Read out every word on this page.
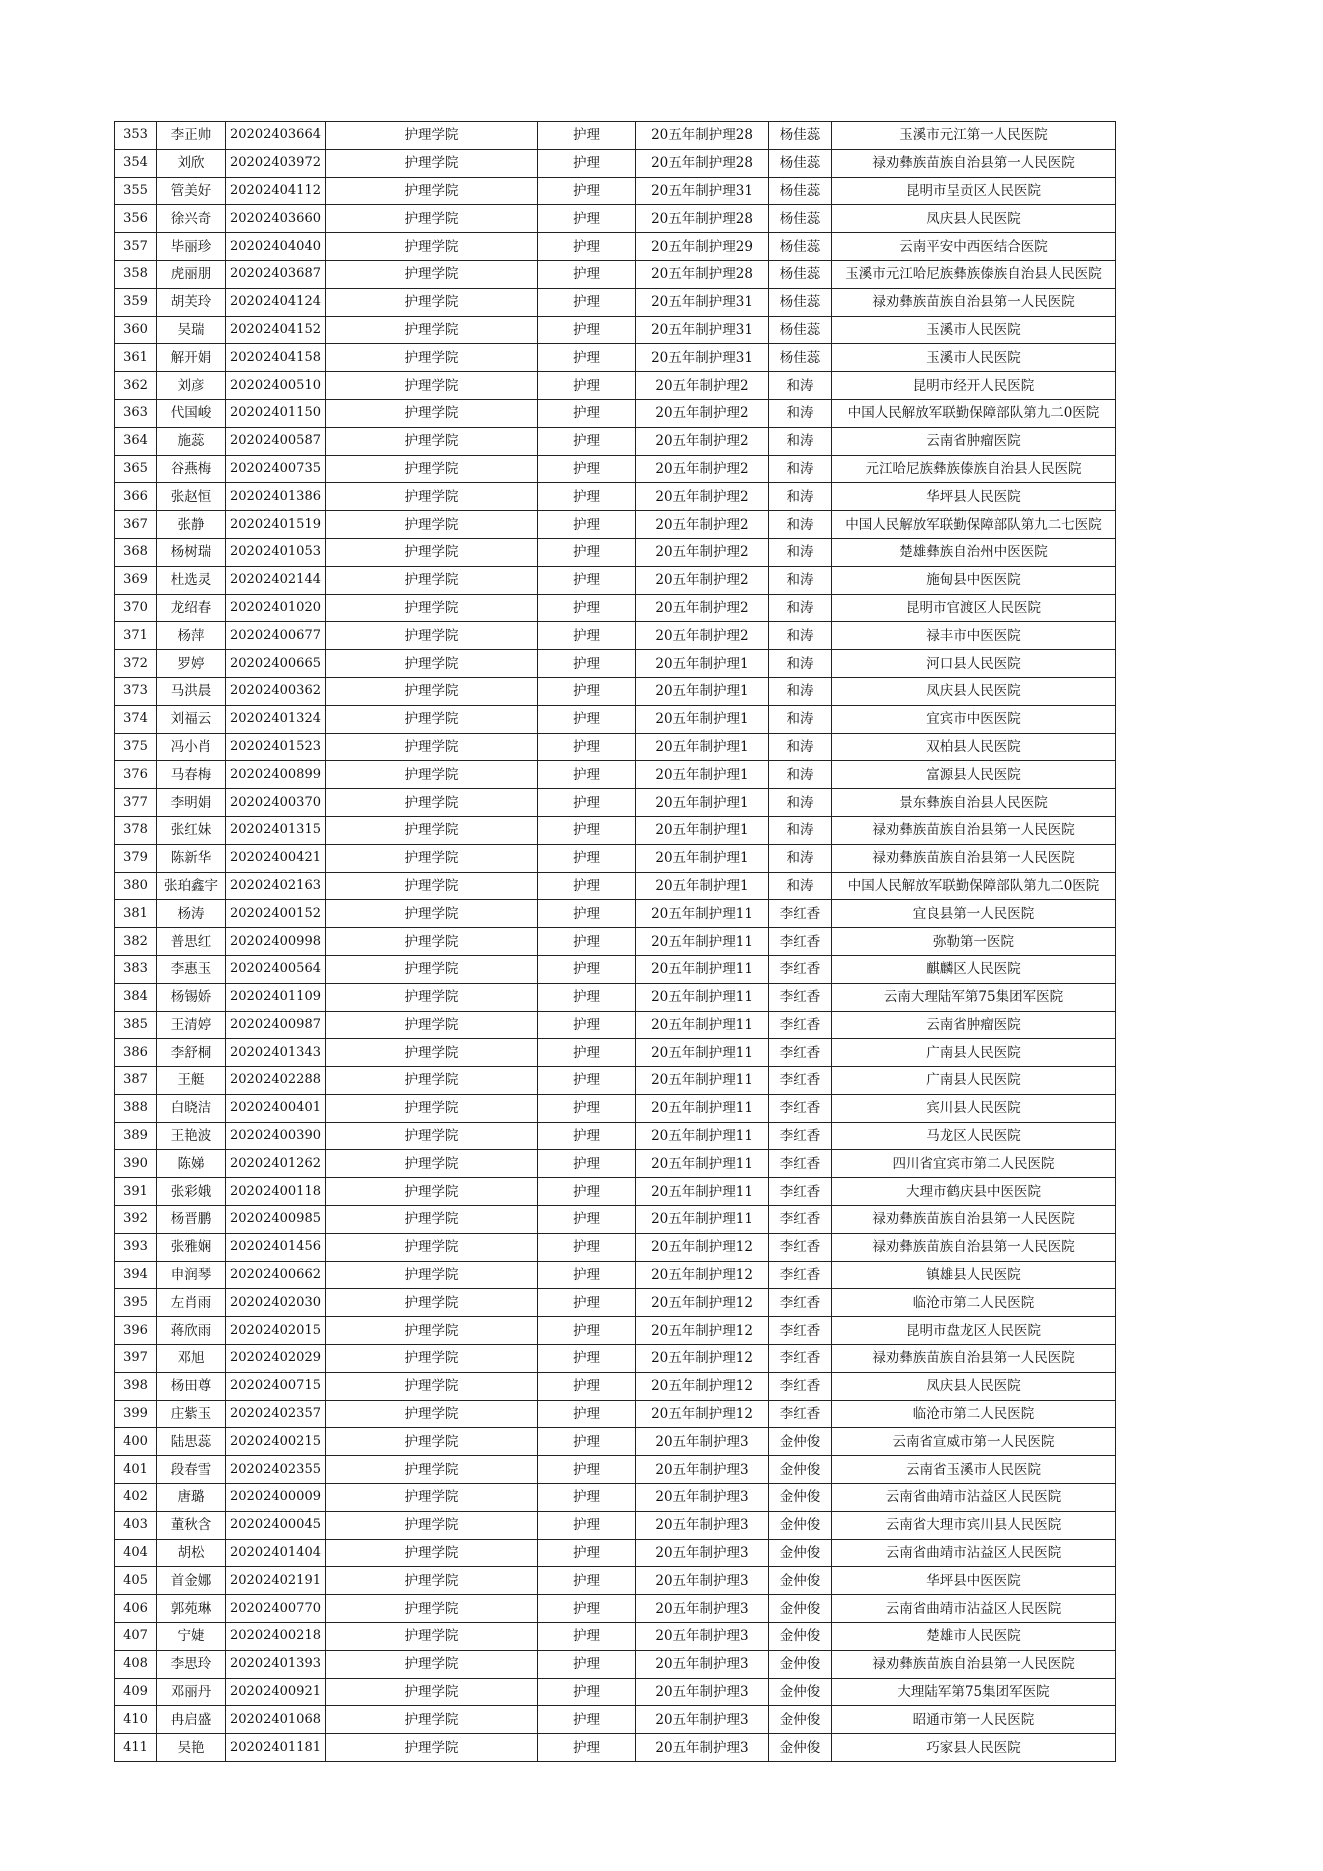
353	李正帅	20202403664	护理学院	护理	20五年制护理28	杨佳蕊	玉溪市元江第一人民医院
354	刘欣	20202403972	护理学院	护理	20五年制护理28	杨佳蕊	禄劝彝族苗族自治县第一人民医院
355	管美好	20202404112	护理学院	护理	20五年制护理31	杨佳蕊	昆明市呈贡区人民医院
356	徐兴奇	20202403660	护理学院	护理	20五年制护理28	杨佳蕊	凤庆县人民医院
357	毕丽珍	20202404040	护理学院	护理	20五年制护理29	杨佳蕊	云南平安中西医结合医院
358	虎丽朋	20202403687	护理学院	护理	20五年制护理28	杨佳蕊	玉溪市元江哈尼族彝族傣族自治县人民医院
359	胡芙玲	20202404124	护理学院	护理	20五年制护理31	杨佳蕊	禄劝彝族苗族自治县第一人民医院
360	吴瑞	20202404152	护理学院	护理	20五年制护理31	杨佳蕊	玉溪市人民医院
361	解开娟	20202404158	护理学院	护理	20五年制护理31	杨佳蕊	玉溪市人民医院
362	刘彦	20202400510	护理学院	护理	20五年制护理2	和涛	昆明市经开人民医院
363	代国峻	20202401150	护理学院	护理	20五年制护理2	和涛	中国人民解放军联勤保障部队第九二0医院
364	施蕊	20202400587	护理学院	护理	20五年制护理2	和涛	云南省肿瘤医院
365	谷燕梅	20202400735	护理学院	护理	20五年制护理2	和涛	元江哈尼族彝族傣族自治县人民医院
366	张赵恒	20202401386	护理学院	护理	20五年制护理2	和涛	华坪县人民医院
367	张静	20202401519	护理学院	护理	20五年制护理2	和涛	中国人民解放军联勤保障部队第九二七医院
368	杨树瑞	20202401053	护理学院	护理	20五年制护理2	和涛	楚雄彝族自治州中医医院
369	杜选灵	20202402144	护理学院	护理	20五年制护理2	和涛	施甸县中医医院
370	龙绍春	20202401020	护理学院	护理	20五年制护理2	和涛	昆明市官渡区人民医院
371	杨萍	20202400677	护理学院	护理	20五年制护理2	和涛	禄丰市中医医院
372	罗婷	20202400665	护理学院	护理	20五年制护理1	和涛	河口县人民医院
373	马洪晨	20202400362	护理学院	护理	20五年制护理1	和涛	凤庆县人民医院
374	刘福云	20202401324	护理学院	护理	20五年制护理1	和涛	宜宾市中医医院
375	冯小肖	20202401523	护理学院	护理	20五年制护理1	和涛	双柏县人民医院
376	马春梅	20202400899	护理学院	护理	20五年制护理1	和涛	富源县人民医院
377	李明娟	20202400370	护理学院	护理	20五年制护理1	和涛	景东彝族自治县人民医院
378	张红妹	20202401315	护理学院	护理	20五年制护理1	和涛	禄劝彝族苗族自治县第一人民医院
379	陈新华	20202400421	护理学院	护理	20五年制护理1	和涛	禄劝彝族苗族自治县第一人民医院
380	张珀鑫宇	20202402163	护理学院	护理	20五年制护理1	和涛	中国人民解放军联勤保障部队第九二0医院
381	杨涛	20202400152	护理学院	护理	20五年制护理11	李红香	宜良县第一人民医院
382	普思红	20202400998	护理学院	护理	20五年制护理11	李红香	弥勒第一医院
383	李惠玉	20202400564	护理学院	护理	20五年制护理11	李红香	麒麟区人民医院
384	杨锡娇	20202401109	护理学院	护理	20五年制护理11	李红香	云南大理陆军第75集团军医院
385	王清婷	20202400987	护理学院	护理	20五年制护理11	李红香	云南省肿瘤医院
386	李舒桐	20202401343	护理学院	护理	20五年制护理11	李红香	广南县人民医院
387	王艇	20202402288	护理学院	护理	20五年制护理11	李红香	广南县人民医院
388	白晓洁	20202400401	护理学院	护理	20五年制护理11	李红香	宾川县人民医院
389	王艳波	20202400390	护理学院	护理	20五年制护理11	李红香	马龙区人民医院
390	陈娣	20202401262	护理学院	护理	20五年制护理11	李红香	四川省宜宾市第二人民医院
391	张彩娥	20202400118	护理学院	护理	20五年制护理11	李红香	大理市鹤庆县中医医院
392	杨晋鹏	20202400985	护理学院	护理	20五年制护理11	李红香	禄劝彝族苗族自治县第一人民医院
393	张雅娴	20202401456	护理学院	护理	20五年制护理12	李红香	禄劝彝族苗族自治县第一人民医院
394	申润琴	20202400662	护理学院	护理	20五年制护理12	李红香	镇雄县人民医院
395	左肖雨	20202402030	护理学院	护理	20五年制护理12	李红香	临沧市第二人民医院
396	蒋欣雨	20202402015	护理学院	护理	20五年制护理12	李红香	昆明市盘龙区人民医院
397	邓旭	20202402029	护理学院	护理	20五年制护理12	李红香	禄劝彝族苗族自治县第一人民医院
398	杨田尊	20202400715	护理学院	护理	20五年制护理12	李红香	凤庆县人民医院
399	庄紫玉	20202402357	护理学院	护理	20五年制护理12	李红香	临沧市第二人民医院
400	陆思蕊	20202400215	护理学院	护理	20五年制护理3	金仲俊	云南省宣威市第一人民医院
401	段春雪	20202402355	护理学院	护理	20五年制护理3	金仲俊	云南省玉溪市人民医院
402	唐璐	20202400009	护理学院	护理	20五年制护理3	金仲俊	云南省曲靖市沾益区人民医院
403	董秋含	20202400045	护理学院	护理	20五年制护理3	金仲俊	云南省大理市宾川县人民医院
404	胡松	20202401404	护理学院	护理	20五年制护理3	金仲俊	云南省曲靖市沾益区人民医院
405	首金娜	20202402191	护理学院	护理	20五年制护理3	金仲俊	华坪县中医医院
406	郭苑琳	20202400770	护理学院	护理	20五年制护理3	金仲俊	云南省曲靖市沾益区人民医院
407	宁婕	20202400218	护理学院	护理	20五年制护理3	金仲俊	楚雄市人民医院
408	李思玲	20202401393	护理学院	护理	20五年制护理3	金仲俊	禄劝彝族苗族自治县第一人民医院
409	邓丽丹	20202400921	护理学院	护理	20五年制护理3	金仲俊	大理陆军第75集团军医院
410	冉启盛	20202401068	护理学院	护理	20五年制护理3	金仲俊	昭通市第一人民医院
411	吴艳	20202401181	护理学院	护理	20五年制护理3	金仲俊	巧家县人民医院
